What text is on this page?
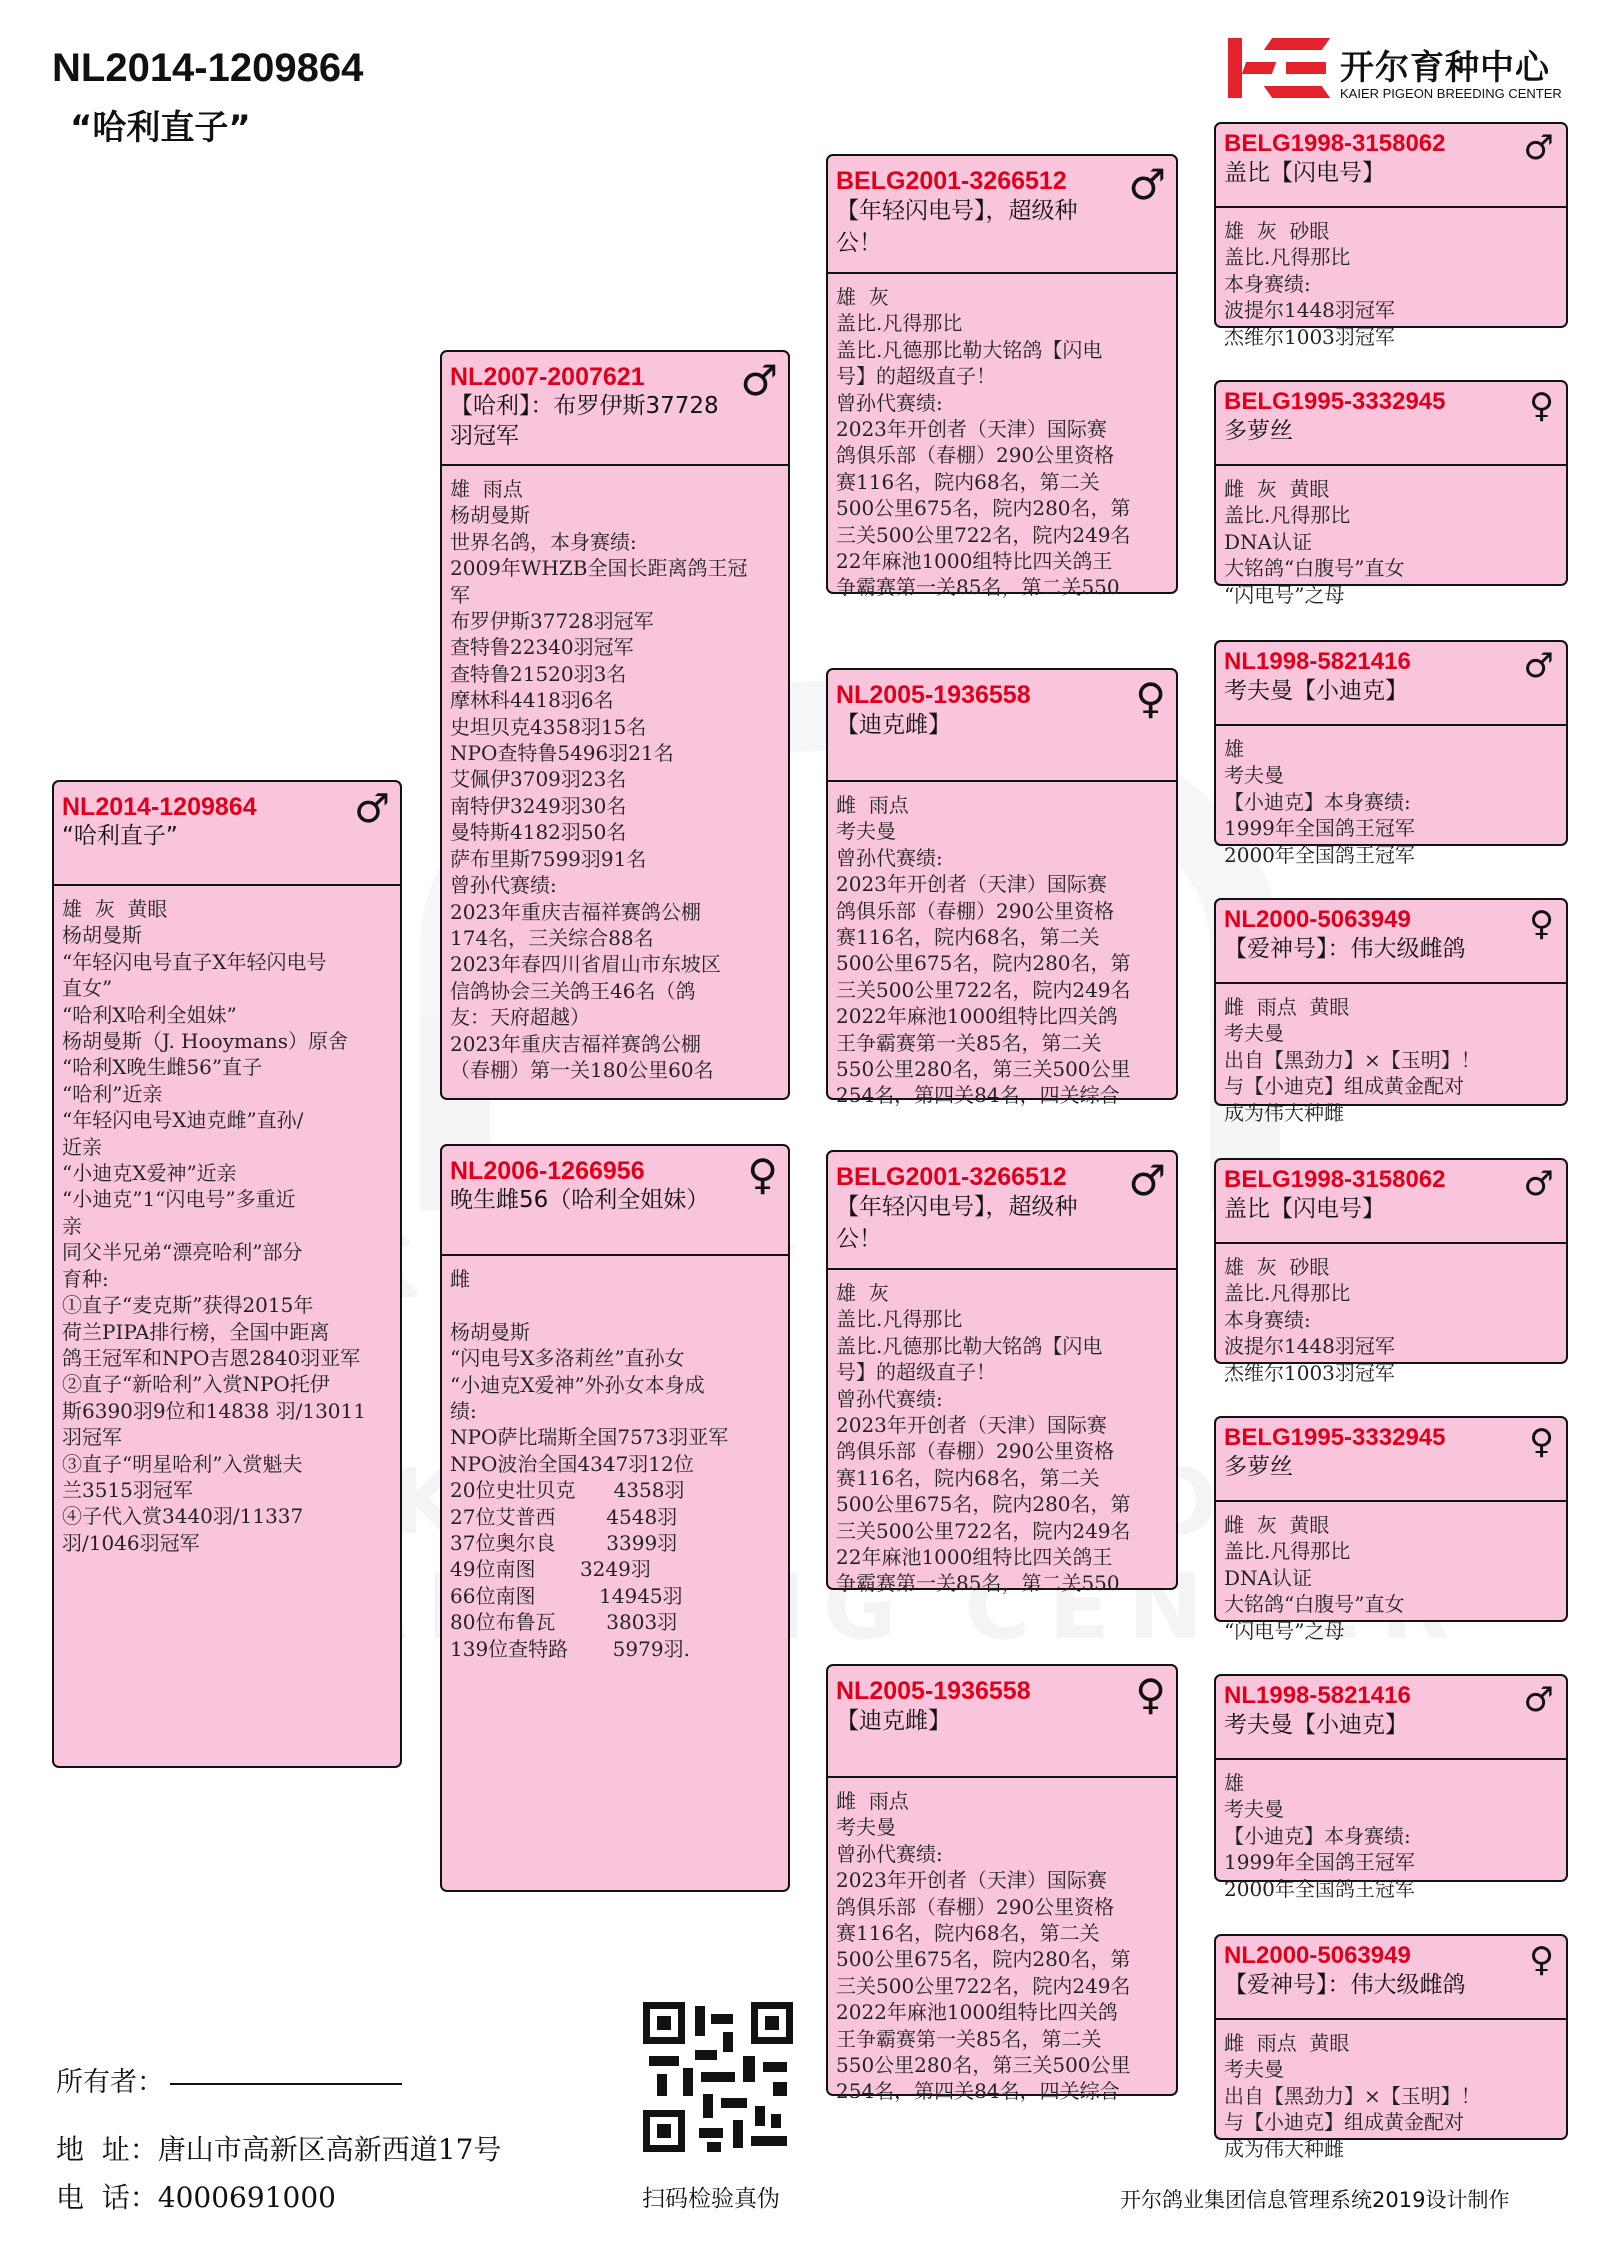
NL2014-1209864
“哈利直子”
开尔育种中心
KAIER PIGEON BREEDING CENTER
NL2014-1209864
“哈利直子”
♂
雄  灰  黄眼
杨胡曼斯
“年轻闪电号直子X年轻闪电号
直女”
“哈利X哈利全姐妹”
杨胡曼斯（J. Hooymans）原舍
“哈利X晚生雌56”直子
“哈利”近亲
“年轻闪电号X迪克雌”直孙/
近亲
“小迪克X爱神”近亲
“小迪克”1“闪电号”多重近
亲
同父半兄弟“漂亮哈利”部分
育种:
①直子“麦克斯”获得2015年
荷兰PIPA排行榜，全国中距离
鸽王冠军和NPO吉恩2840羽亚军
②直子“新哈利”入赏NPO托伊
斯6390羽9位和14838 羽/13011
羽冠军
③直子“明星哈利”入赏魁夫
兰3515羽冠军
④子代入赏3440羽/11337
羽/1046羽冠军
NL2007-2007621
【哈利】：布罗伊斯37728羽冠军
♂
雄  雨点
杨胡曼斯
世界名鸽，本身赛绩:
2009年WHZB全国长距离鸽王冠
军
布罗伊斯37728羽冠军
查特鲁22340羽冠军
查特鲁21520羽3名
摩林科4418羽6名
史坦贝克4358羽15名
NPO查特鲁5496羽21名
艾佩伊3709羽23名
南特伊3249羽30名
曼特斯4182羽50名
萨布里斯7599羽91名
曾孙代赛绩:
2023年重庆吉福祥赛鸽公棚
174名，三关综合88名
2023年春四川省眉山市东坡区
信鸽协会三关鸽王46名（鸽
友：天府超越）
2023年重庆吉福祥赛鸽公棚
（春棚）第一关180公里60名
NL2006-1266956
晚生雌56（哈利全姐妹）
♀
雌

杨胡曼斯
“闪电号X多洛莉丝”直孙女
“小迪克X爱神”外孙女本身成
绩:
NPO萨比瑞斯全国7573羽亚军
NPO波治全国4347羽12位
20位史壮贝克      4358羽
27位艾普西        4548羽
37位奥尔良        3399羽
49位南图       3249羽
66位南图          14945羽
80位布鲁瓦        3803羽
139位查特路       5979羽.
BELG2001-3266512
【年轻闪电号】，超级种公！
♂
雄  灰
盖比.凡得那比
盖比.凡德那比勒大铭鸽【闪电
号】的超级直子！
曾孙代赛绩:
2023年开创者（天津）国际赛
鸽俱乐部（春棚）290公里资格
赛116名，院内68名，第二关
500公里675名，院内280名，第
三关500公里722名，院内249名
22年麻池1000组特比四关鸽王
争霸赛第一关85名，第二关550
NL2005-1936558
【迪克雌】
♀
雌  雨点
考夫曼
曾孙代赛绩:
2023年开创者（天津）国际赛
鸽俱乐部（春棚）290公里资格
赛116名，院内68名，第二关
500公里675名，院内280名，第
三关500公里722名，院内249名
2022年麻池1000组特比四关鸽
王争霸赛第一关85名，第二关
550公里280名，第三关500公里
254名，第四关84名，四关综合
BELG2001-3266512
【年轻闪电号】，超级种公！
♂
雄  灰
盖比.凡得那比
盖比.凡德那比勒大铭鸽【闪电
号】的超级直子！
曾孙代赛绩:
2023年开创者（天津）国际赛
鸽俱乐部（春棚）290公里资格
赛116名，院内68名，第二关
500公里675名，院内280名，第
三关500公里722名，院内249名
22年麻池1000组特比四关鸽王
争霸赛第一关85名，第二关550
NL2005-1936558
【迪克雌】
♀
雌  雨点
考夫曼
曾孙代赛绩:
2023年开创者（天津）国际赛
鸽俱乐部（春棚）290公里资格
赛116名，院内68名，第二关
500公里675名，院内280名，第
三关500公里722名，院内249名
2022年麻池1000组特比四关鸽
王争霸赛第一关85名，第二关
550公里280名，第三关500公里
254名，第四关84名，四关综合
BELG1998-3158062
盖比【闪电号】
♂
雄  灰  砂眼
盖比.凡得那比
本身赛绩:
波提尔1448羽冠军
杰维尔1003羽冠军
BELG1995-3332945
多萝丝
♀
雌  灰  黄眼
盖比.凡得那比
DNA认证
大铭鸽“白腹号”直女
“闪电号”之母
NL1998-5821416
考夫曼【小迪克】
♂
雄
考夫曼
【小迪克】本身赛绩:
1999年全国鸽王冠军
2000年全国鸽王冠军
NL2000-5063949
【爱神号】：伟大级雌鸽
♀
雌  雨点  黄眼
考夫曼
出自【黑劲力】×【玉明】！
与【小迪克】组成黄金配对
成为伟大种雌
BELG1998-3158062
盖比【闪电号】
♂
雄  灰  砂眼
盖比.凡得那比
本身赛绩:
波提尔1448羽冠军
杰维尔1003羽冠军
BELG1995-3332945
多萝丝
♀
雌  灰  黄眼
盖比.凡得那比
DNA认证
大铭鸽“白腹号”直女
“闪电号”之母
NL1998-5821416
考夫曼【小迪克】
♂
雄
考夫曼
【小迪克】本身赛绩:
1999年全国鸽王冠军
2000年全国鸽王冠军
NL2000-5063949
【爱神号】：伟大级雌鸽
♀
雌  雨点  黄眼
考夫曼
出自【黑劲力】×【玉明】！
与【小迪克】组成黄金配对
成为伟大种雌
所有者：
地  址：唐山市高新区高新西道17号
电  话：4000691000	扫码检验真伪	开尔鸽业集团信息管理系统2019设计制作
